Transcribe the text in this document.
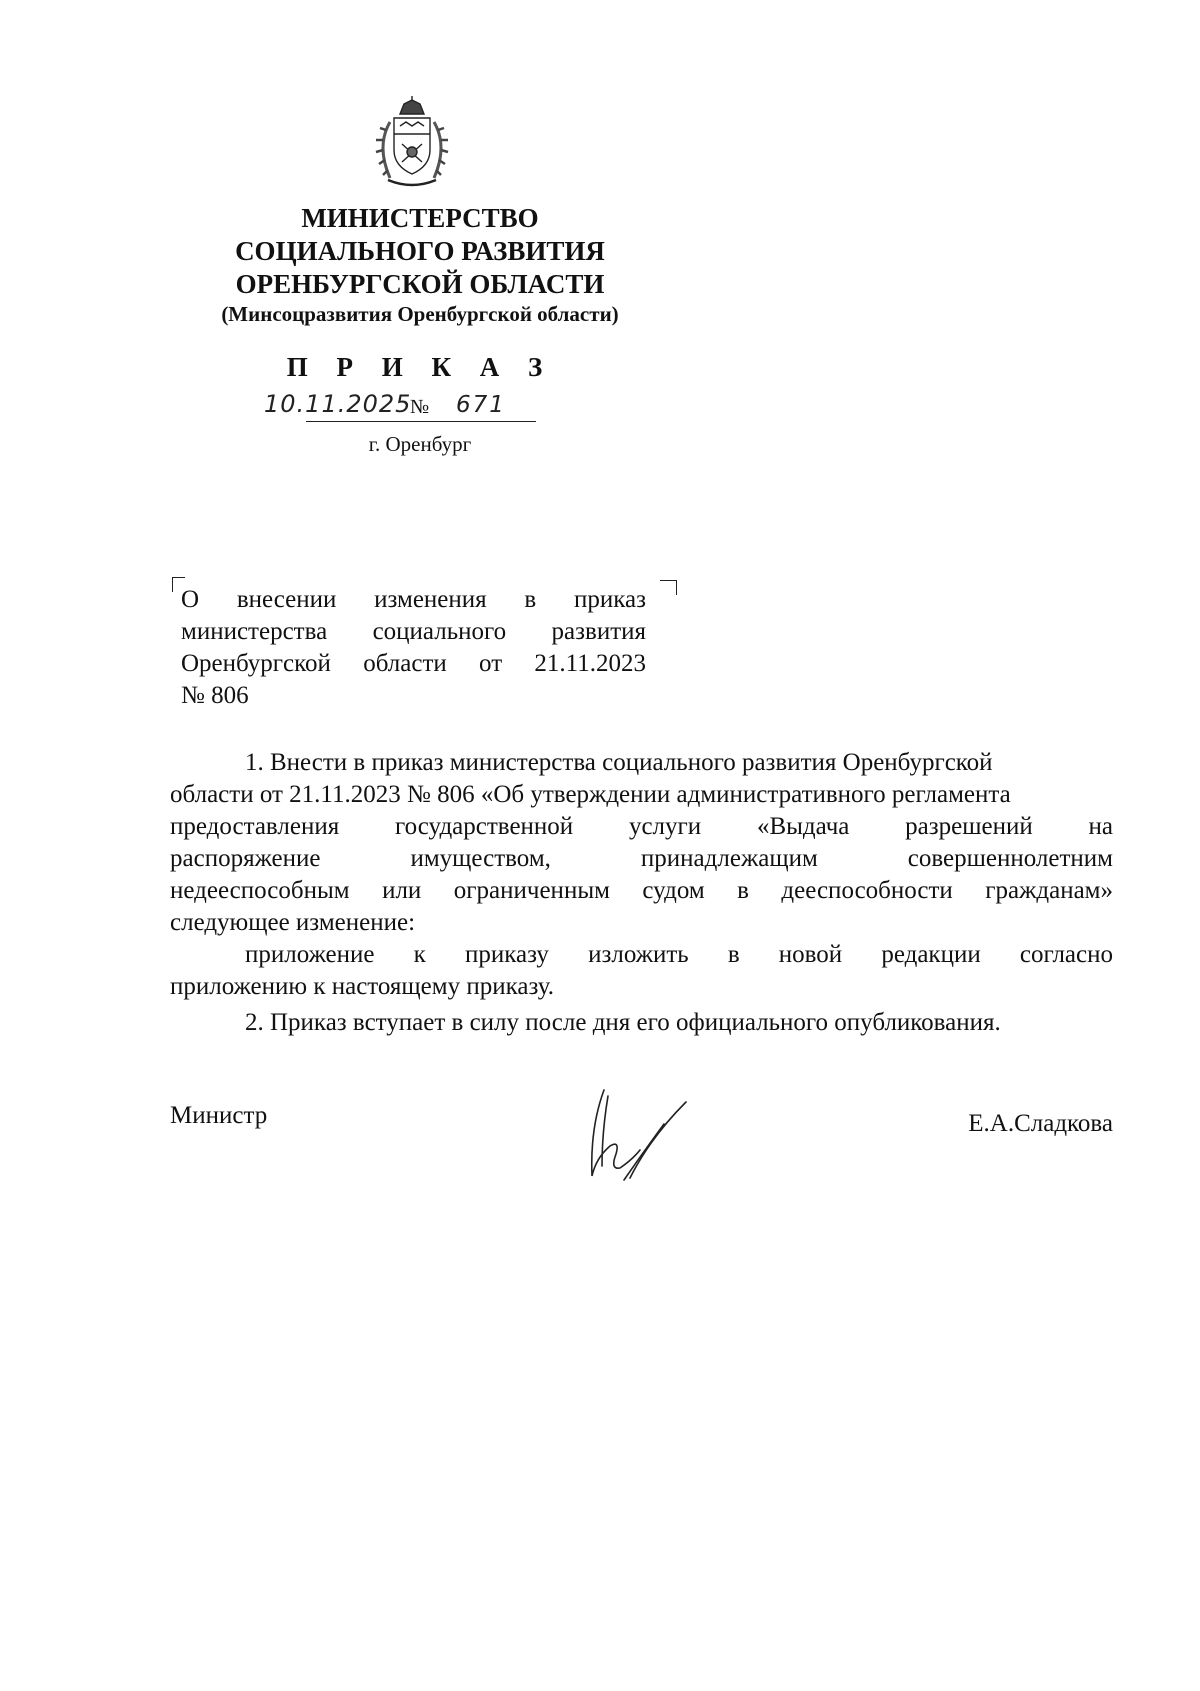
МИНИСТЕРСТВО
СОЦИАЛЬНОГО РАЗВИТИЯ
ОРЕНБУРГСКОЙ ОБЛАСТИ
(Минсоцразвития Оренбургской области)
П Р И К А З
10.11.2025
№ 671
г. Оренбург
О внесении изменения в приказ
министерства социального развития
Оренбургской области от 21.11.2023
№ 806
1. Внести в приказ министерства социального развития Оренбургской
области от 21.11.2023 № 806 «Об утверждении административного регламента
предоставления государственной услуги «Выдача разрешений на
распоряжение имуществом, принадлежащим совершеннолетним
недееспособным или ограниченным судом в дееспособности гражданам»
следующее изменение:
приложение к приказу изложить в новой редакции согласно
приложению к настоящему приказу.
2. Приказ вступает в силу после дня его официального опубликования.
Министр	Е.А.Сладкова
